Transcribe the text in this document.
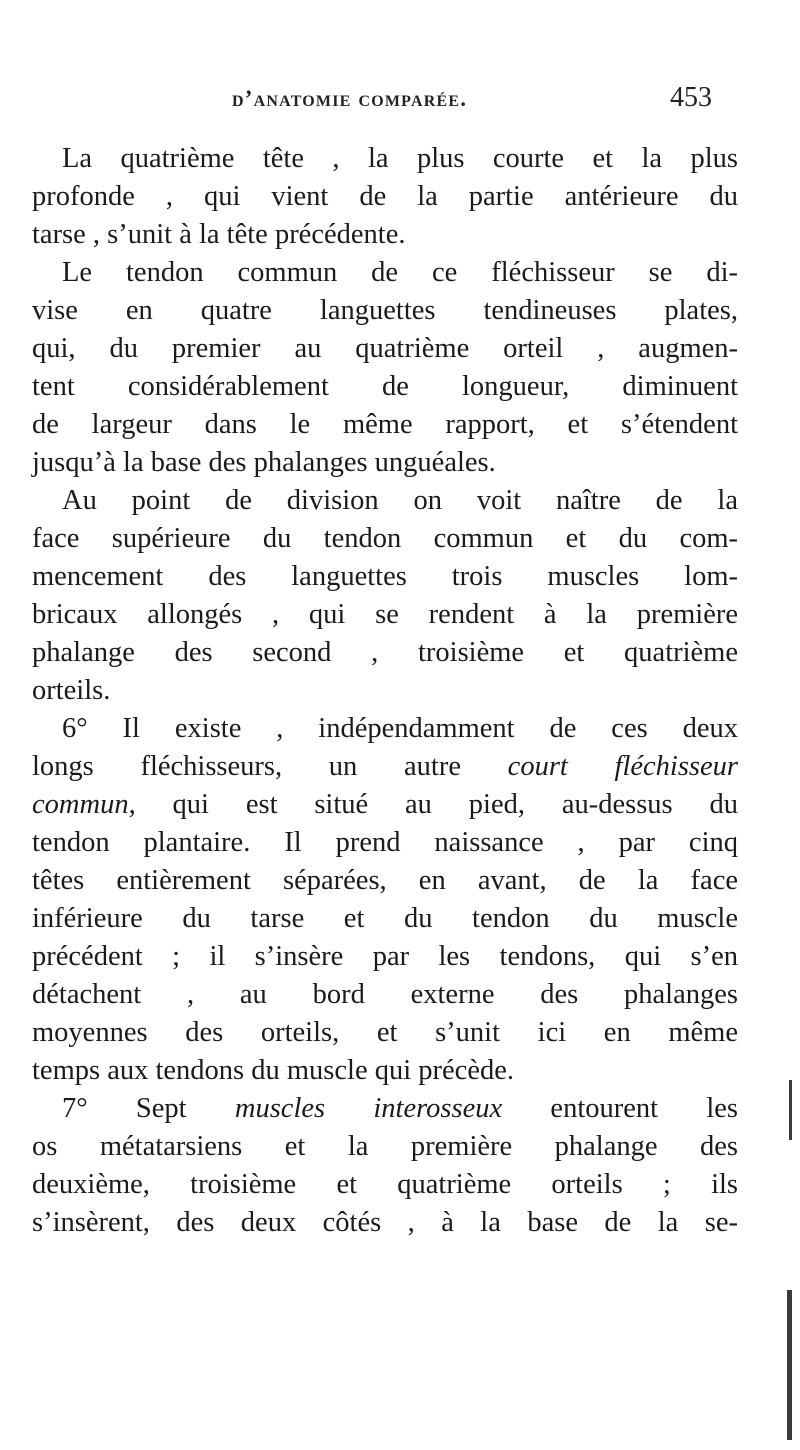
d’anatomie comparée.	453
La quatrième tête , la plus courte et la plus
profonde , qui vient de la partie antérieure du
tarse , s’unit à la tête précédente.
Le tendon commun de ce fléchisseur se di-
vise en quatre languettes tendineuses plates,
qui, du premier au quatrième orteil , augmen-
tent considérablement de longueur, diminuent
de largeur dans le même rapport, et s’étendent
jusqu’à la base des phalanges unguéales.
Au point de division on voit naître de la
face supérieure du tendon commun et du com-
mencement des languettes trois muscles lom-
bricaux allongés , qui se rendent à la première
phalange des second , troisième et quatrième
orteils.
6° Il existe , indépendamment de ces deux
longs fléchisseurs, un autre court fléchisseur
commun, qui est situé au pied, au-dessus du
tendon plantaire. Il prend naissance , par cinq
têtes entièrement séparées, en avant, de la face
inférieure du tarse et du tendon du muscle
précédent ; il s’insère par les tendons, qui s’en
détachent , au bord externe des phalanges
moyennes des orteils, et s’unit ici en même
temps aux tendons du muscle qui précède.
7° Sept muscles interosseux entourent les
os métatarsiens et la première phalange des
deuxième, troisième et quatrième orteils ; ils
s’insèrent, des deux côtés , à la base de la se-
